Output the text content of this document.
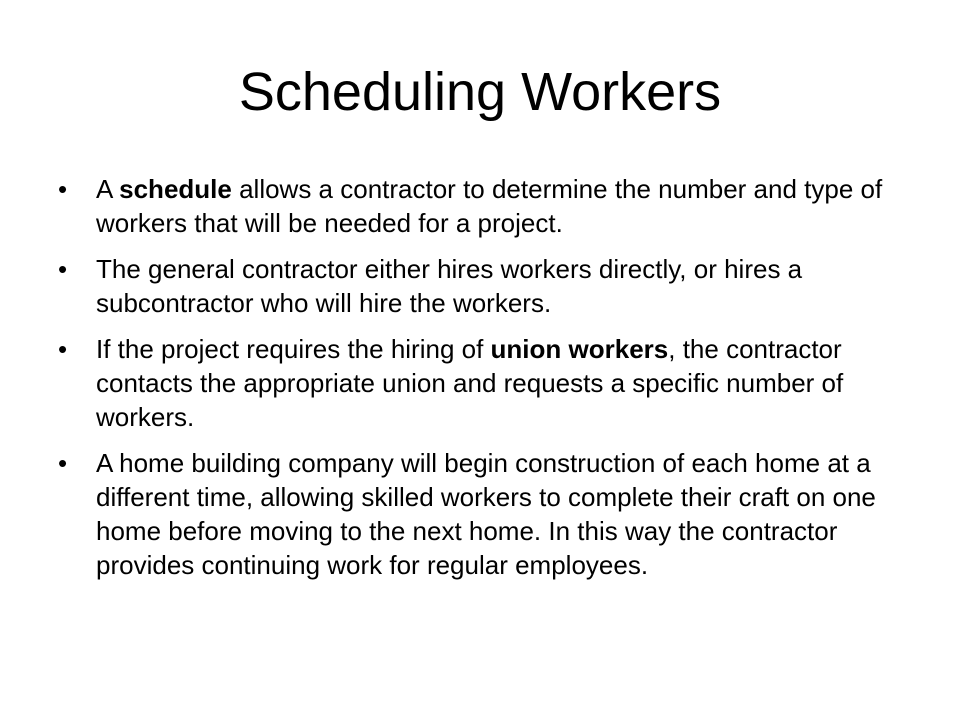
Scheduling Workers
• A schedule allows a contractor to determine the number and type of workers that will be needed for a project.
• The general contractor either hires workers directly, or hires a subcontractor who will hire the workers.
• If the project requires the hiring of union workers, the contractor contacts the appropriate union and requests a specific number of workers.
• A home building company will begin construction of each home at a different time, allowing skilled workers to complete their craft on one home before moving to the next home. In this way the contractor provides continuing work for regular employees.
